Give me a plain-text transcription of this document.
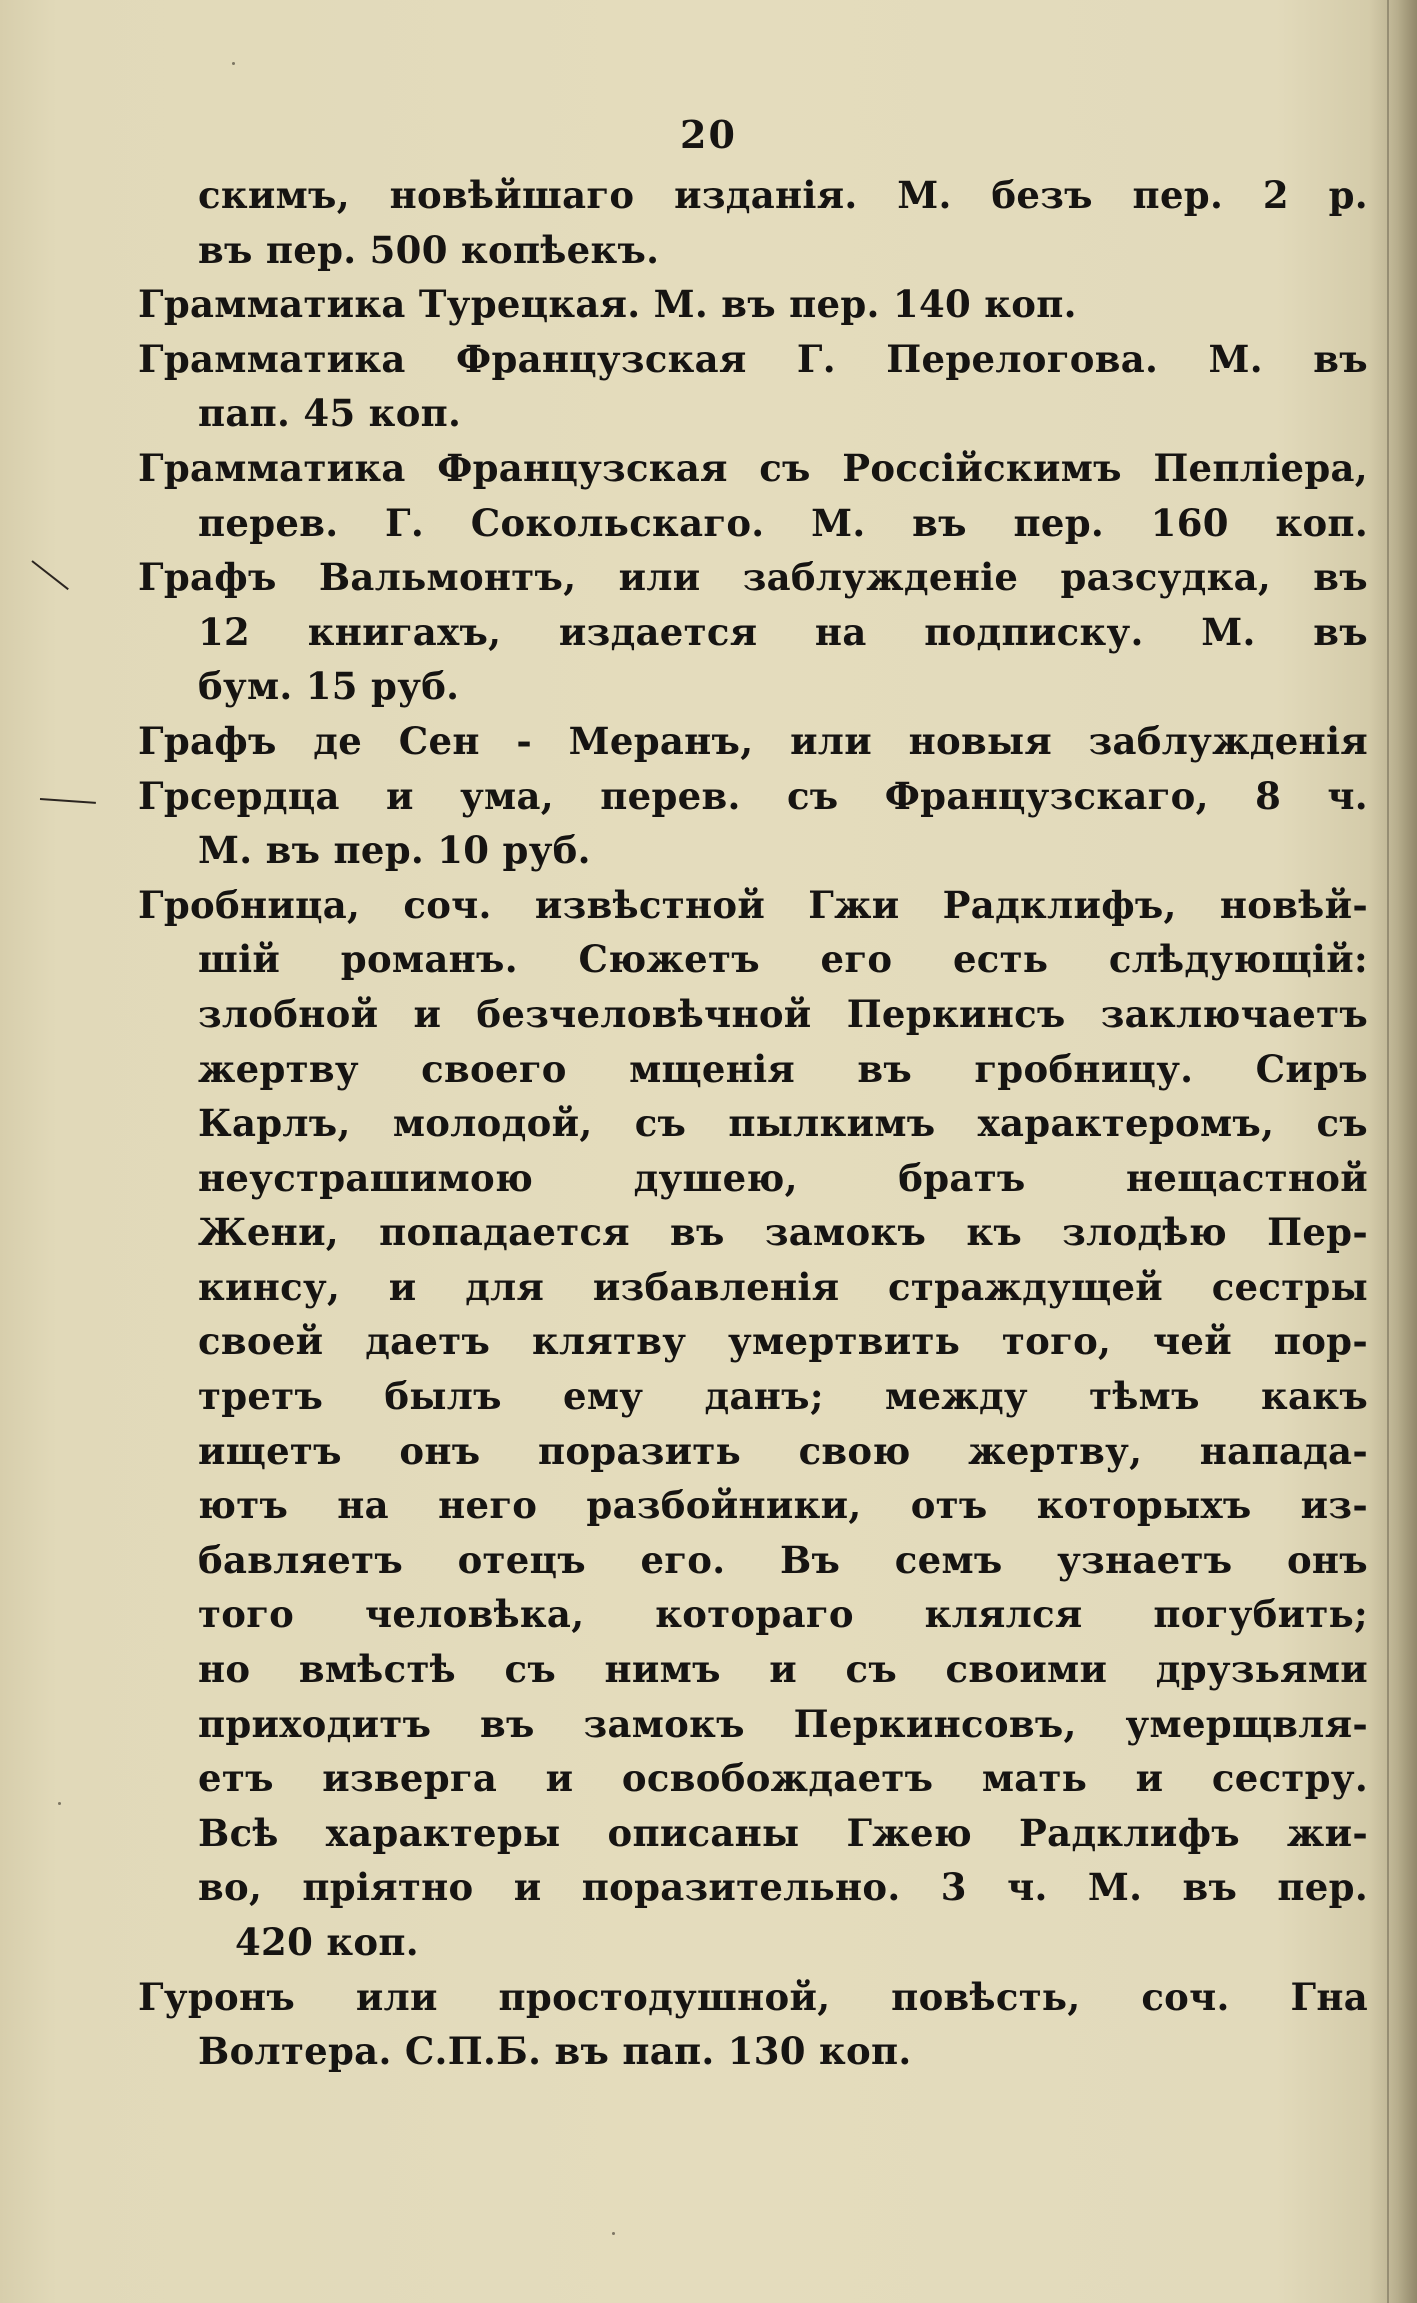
20
скимъ, новѣйшаго изданія. М. безъ пер. 2 р.
въ пер. 500 копѣекъ.
Грамматика Турецкая. М. въ пер. 140 коп.
Грамматика Французская Г. Перелогова. М. въ
пап. 45 коп.
Грамматика Французская съ Россійскимъ Пепліера,
перев. Г. Сокольскаго. М. въ пер. 160 коп.
Графъ Вальмонтъ, или заблужденіе разсудка, въ
12 книгахъ, издается на подписку. М. въ
бум. 15 руб.
Графъ де Сен - Меранъ, или новыя заблужденія
Грсердца и ума, перев. съ Французскаго, 8 ч.
М. въ пер. 10 руб.
Гробница, соч. извѣстной Гжи Радклифъ, новѣй-
шій романъ. Сюжетъ его есть слѣдующій:
злобной и безчеловѣчной Перкинсъ заключаетъ
жертву своего мщенія въ гробницу. Сиръ
Карлъ, молодой, съ пылкимъ характеромъ, съ
неустрашимою душею, братъ нещастной
Жени, попадается въ замокъ къ злодѣю Пер-
кинсу, и для избавленія страждущей сестры
своей даетъ клятву умертвить того, чей пор-
третъ былъ ему данъ; между тѣмъ какъ
ищетъ онъ поразить свою жертву, напада-
ютъ на него разбойники, отъ которыхъ из-
бавляетъ отецъ его. Въ семъ узнаетъ онъ
того человѣка, котораго клялся погубить;
но вмѣстѣ съ нимъ и съ своими друзьями
приходитъ въ замокъ Перкинсовъ, умерщвля-
етъ изверга и освобождаетъ мать и сестру.
Всѣ характеры описаны Гжею Радклифъ жи-
во, пріятно и поразительно. 3 ч. М. въ пер.
420 коп.
Гуронъ или простодушной, повѣсть, соч. Гна
Волтера. С.П.Б. въ пап. 130 коп.
